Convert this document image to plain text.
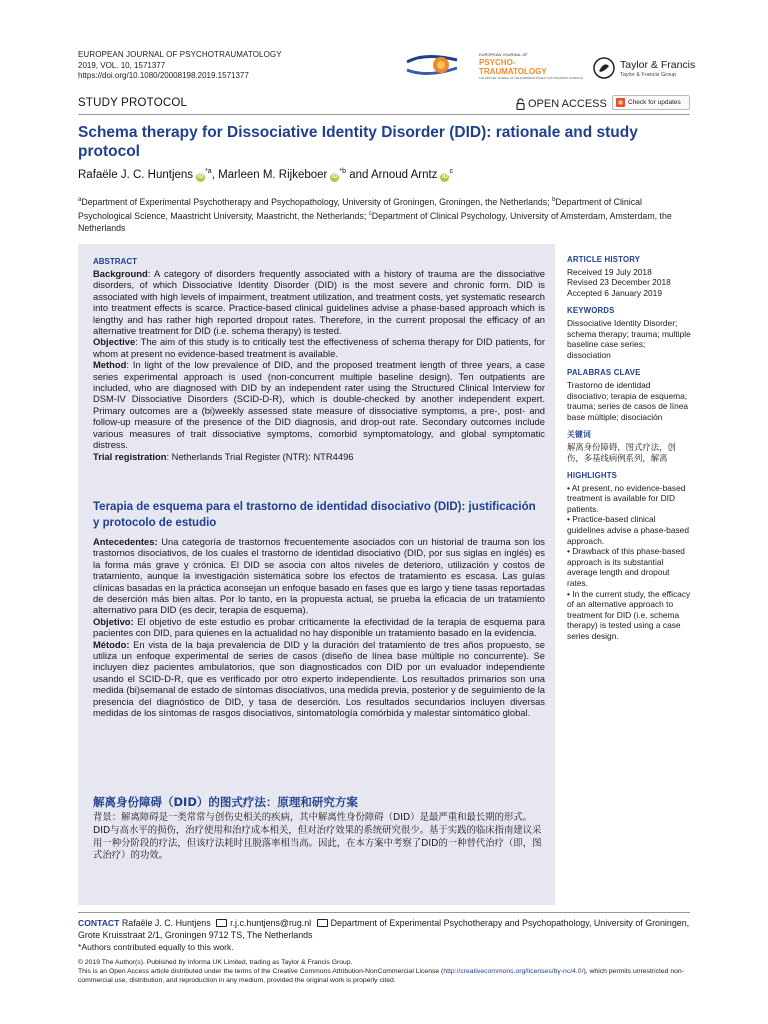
EUROPEAN JOURNAL OF PSYCHOTRAUMATOLOGY
2019, VOL. 10, 1571377
https://doi.org/10.1080/20008198.2019.1571377
EUROPEAN JOURNAL OF
PSYCHO-
TRAUMATOLOGY
THE OFFICIAL JOURNAL OF THE EUROPEAN SOCIETY FOR TRAUMATIC STRESS STUDIES
Taylor & Francis
Taylor & Francis Group
STUDY PROTOCOL	OPEN ACCESS	Check for updates
Schema therapy for Dissociative Identity Disorder (DID): rationale and study protocol
Rafaële J. C. Huntjens $iD^{*a}$, Marleen M. Rijkeboer $iD^{*b}$ and Arnoud Arntz $iD^c$
$^a$Department of Experimental Psychotherapy and Psychopathology, University of Groningen, Groningen, the Netherlands; $^b$Department of Clinical Psychological Science, Maastricht University, Maastricht, the Netherlands; $^c$Department of Clinical Psychology, University of Amsterdam, Amsterdam, the Netherlands
ABSTRACT

Background: A category of disorders frequently associated with a history of trauma are the dissociative disorders, of which Dissociative Identity Disorder (DID) is the most severe and chronic form. DID is associated with high levels of impairment, treatment utilization, and treatment costs, yet systematic research into treatment effects is scarce. Practice-based clinical guidelines advise a phase-based approach which is lengthy and has rather high reported dropout rates. Therefore, in the current proposal the efficacy of an alternative treatment for DID (i.e. schema therapy) is tested.

Objective: The aim of this study is to critically test the effectiveness of schema therapy for DID patients, for whom at present no evidence-based treatment is available.

Method: In light of the low prevalence of DID, and the proposed treatment length of three years, a case series experimental approach is used (non-concurrent multiple baseline design). Ten outpatients are included, who are diagnosed with DID by an independent rater using the Structured Clinical Interview for DSM-IV Dissociative Disorders (SCID-D-R), which is double-checked by another independent expert. Primary outcomes are a (bi)weekly assessed state measure of dissociative symptoms, a pre-, post- and follow-up measure of the presence of the DID diagnosis, and drop-out rate. Secondary outcomes include various measures of trait dissociative symptoms, comorbid symptomatology, and global symptomatic distress.

Trial registration: Netherlands Trial Register (NTR): NTR4496

Terapia de esquema para el trastorno de identidad disociativo (DID): justificación y protocolo de estudio

Antecedentes: Una categoría de trastornos frecuentemente asociados con un historial de trauma son los trastornos disociativos, de los cuales el trastorno de identidad disociativo (DID, por sus siglas en inglés) es la forma más grave y crónica. El DID se asocia con altos niveles de deterioro, utilización y costos de tratamiento, aunque la investigación sistemática sobre los efectos de tratamiento es escasa. Las guías clínicas basadas en la práctica aconsejan un enfoque basado en fases que es largo y tiene tasas reportadas de deserción más bien altas. Por lo tanto, en la propuesta actual, se prueba la eficacia de un tratamiento alternativo para DID (es decir, terapia de esquema).

Objetivo: El objetivo de este estudio es probar críticamente la efectividad de la terapia de esquema para pacientes con DID, para quienes en la actualidad no hay disponible un tratamiento basado en la evidencia.

Método: En vista de la baja prevalencia de DID y la duración del tratamiento de tres años propuesto, se utiliza un enfoque experimental de series de casos (diseño de línea base múltiple no concurrente). Se incluyen diez pacientes ambulatorios, que son diagnosticados con DID por un evaluador independiente usando el SCID-D-R, que es verificado por otro experto independiente. Los resultados primarios son una medida (bi)semanal de estado de síntomas disociativos, una medida previa, posterior y de seguimiento de la presencia del diagnóstico de DID, y tasa de deserción. Los resultados secundarios incluyen diversas medidas de los síntomas de rasgos disociativos, sintomatología comórbida y malestar sintomático global.

解离身份障碍（DID）的图式疗法：原理和研究方案
背景：解离障碍是一类常常与创伤史相关的疾病，其中解离性身份障碍（DID）是最严重和最长期的形式。 DID与高水平的损伤，治疗使用和治疗成本相关，但对治疗效果的系统研究很少。基于实践的临床指南建议采用一种分阶段的疗法，但该疗法耗时且脱落率相当高。因此，在本方案中考察了DID的一种替代治疗（即，图式治疗）的功效。
ARTICLE HISTORY

Received 19 July 2018

Revised 23 December 2018

Accepted 6 January 2019

KEYWORDS

Dissociative Identity Disorder; schema therapy; trauma; multiple baseline case series; dissociation

PALABRAS CLAVE

Trastorno de identidad disociativo; terapia de esquema; trauma; series de casos de línea base múltiple; disociación

关键词

解离身份障碍，图式疗法，创伤，多基线病例系列，解离

HIGHLIGHTS

• At present, no evidence-based treatment is available for DID patients.

• Practice-based clinical guidelines advise a phase-based approach.

• Drawback of this phase-based approach is its substantial average length and dropout rates.

• In the current study, the efficacy of an alternative approach to treatment for DID (i.e. schema therapy) is tested using a case series design.

CONTACT Rafaële J. C. Huntjens r.j.c.huntjens@rug.nl Department of Experimental Psychotherapy and Psychopathology, University of Groningen, Grote Kruisstraat 2/1, Groningen 9712 TS, The Netherlands
*Authors contributed equally to this work.
© 2019 The Author(s). Published by Informa UK Limited, trading as Taylor & Francis Group.
This is an Open Access article distributed under the terms of the Creative Commons Attribution-NonCommercial License (http://creativecommons.org/licenses/by-nc/4.0/), which permits unrestricted non-commercial use, distribution, and reproduction in any medium, provided the original work is properly cited.
